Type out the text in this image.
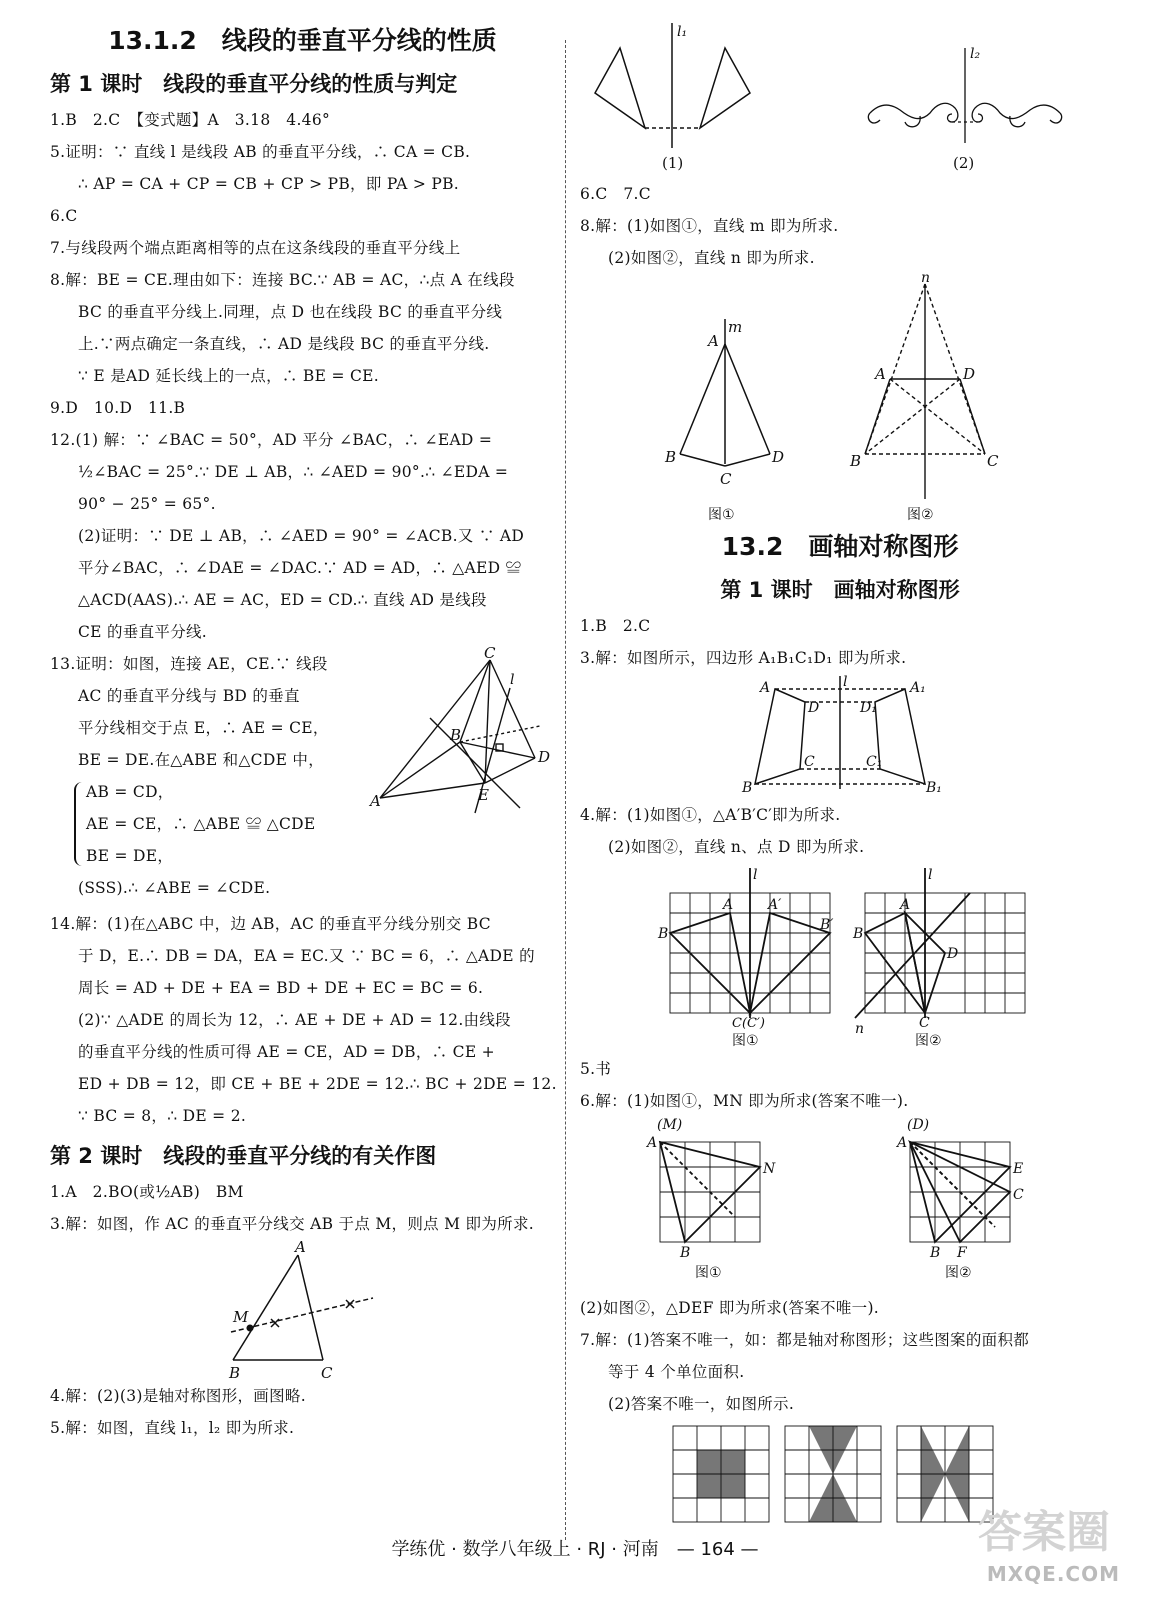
13.1.2　线段的垂直平分线的性质
第 1 课时　线段的垂直平分线的性质与判定
1.B　2.C　【变式题】A　3.18　4.46°
5.证明：∵ 直线 l 是线段 AB 的垂直平分线，∴ CA = CB.
∴ AP = CA + CP = CB + CP > PB，即 PA > PB.
6.C
7.与线段两个端点距离相等的点在这条线段的垂直平分线上
8.解：BE = CE.理由如下：连接 BC.∵ AB = AC，∴点 A 在线段
BC 的垂直平分线上.同理，点 D 也在线段 BC 的垂直平分线
上.∵两点确定一条直线，∴ AD 是线段 BC 的垂直平分线.
∵ E 是AD 延长线上的一点，∴ BE = CE.
9.D　10.D　11.B
12.(1) 解：∵ ∠BAC = 50°，AD 平分 ∠BAC，∴ ∠EAD =
½∠BAC = 25°.∵ DE ⊥ AB，∴ ∠AED = 90°.∴ ∠EDA =
90° − 25° = 65°.
(2)证明：∵ DE ⊥ AB，∴ ∠AED = 90° = ∠ACB.又 ∵ AD
平分∠BAC，∴ ∠DAE = ∠DAC.∵ AD = AD，∴ △AED ≌
△ACD(AAS).∴ AE = AC，ED = CD.∴ 直线 AD 是线段
CE 的垂直平分线.
13.证明：如图，连接 AE，CE.∵ 线段
AC 的垂直平分线与 BD 的垂直
平分线相交于点 E，∴ AE = CE，
BE = DE.在△ABE 和△CDE 中，
AB = CD，
AE = CE，∴ △ABE ≌ △CDE
BE = DE，
(SSS).∴ ∠ABE = ∠CDE.
C
B
D
E
A
l
14.解：(1)在△ABC 中，边 AB，AC 的垂直平分线分别交 BC
于 D，E.∴ DB = DA，EA = EC.又 ∵ BC = 6，∴ △ADE 的
周长 = AD + DE + EA = BD + DE + EC = BC = 6.
(2)∵ △ADE 的周长为 12，∴ AE + DE + AD = 12.由线段
的垂直平分线的性质可得 AE = CE，AD = DB，∴ CE +
ED + DB = 12，即 CE + BE + 2DE = 12.∴ BC + 2DE = 12.
∵ BC = 8，∴ DE = 2.
第 2 课时　线段的垂直平分线的有关作图
1.A　2.BO(或½AB)　BM
3.解：如图，作 AC 的垂直平分线交 AB 于点 M，则点 M 即为所求.
A
B	C
M
4.解：(2)(3)是轴对称图形，画图略.
5.解：如图，直线 l₁，l₂ 即为所求.
l₁
(1)
l₂
(2)
6.C　7.C
8.解：(1)如图①，直线 m 即为所求.
(2)如图②，直线 n 即为所求.
A
m
B	D
C
图①
n
A	D
B	C
图②
13.2　画轴对称图形
第 1 课时　画轴对称图形
1.B　2.C
3.解：如图所示，四边形 A₁B₁C₁D₁ 即为所求.
A	A₁
D	D₁
C	C₁
B	B₁
l
4.解：(1)如图①，△A′B′C′即为所求.
(2)如图②，直线 n、点 D 即为所求.
l
A A′
B
B′
C(C′)
图①
l
A
B
D
n	C
图②
5.书
6.解：(1)如图①，MN 即为所求(答案不唯一).
(M)
A
N
B
图①
(D)
A
E
C
B F
图②
(2)如图②，△DEF 即为所求(答案不唯一).
7.解：(1)答案不唯一，如：都是轴对称图形；这些图案的面积都
等于 4 个单位面积.
(2)答案不唯一，如图所示.
学练优 · 数学八年级上 · RJ · 河南　— 164 —	答案圈
MXQE.COM
